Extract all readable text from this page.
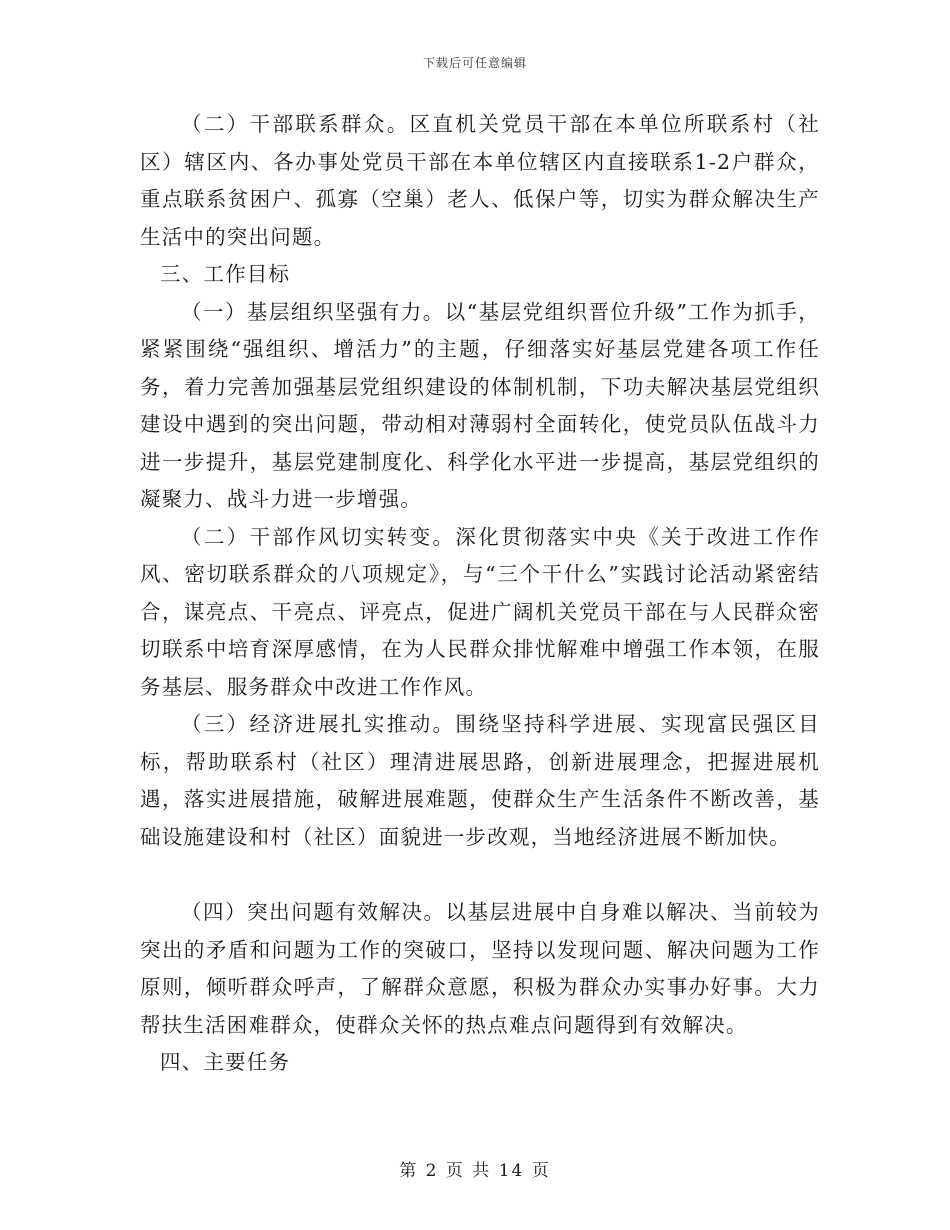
下载后可任意编辑

（二）干部联系群众。区直机关党员干部在本单位所联系村（社区）辖区内、各办事处党员干部在本单位辖区内直接联系1-2户群众，重点联系贫困户、孤寡（空巢）老人、低保户等，切实为群众解决生产生活中的突出问题。

三、工作目标

（一）基层组织坚强有力。以“基层党组织晋位升级”工作为抓手，紧紧围绕“强组织、增活力”的主题，仔细落实好基层党建各项工作任务，着力完善加强基层党组织建设的体制机制，下功夫解决基层党组织建设中遇到的突出问题，带动相对薄弱村全面转化，使党员队伍战斗力进一步提升，基层党建制度化、科学化水平进一步提高，基层党组织的凝聚力、战斗力进一步增强。

（二）干部作风切实转变。深化贯彻落实中央《关于改进工作作风、密切联系群众的八项规定》，与“三个干什么”实践讨论活动紧密结合，谋亮点、干亮点、评亮点，促进广阔机关党员干部在与人民群众密切联系中培育深厚感情，在为人民群众排忧解难中增强工作本领，在服务基层、服务群众中改进工作作风。

（三）经济进展扎实推动。围绕坚持科学进展、实现富民强区目标，帮助联系村（社区）理清进展思路，创新进展理念，把握进展机遇，落实进展措施，破解进展难题，使群众生产生活条件不断改善，基础设施建设和村（社区）面貌进一步改观，当地经济进展不断加快。

（四）突出问题有效解决。以基层进展中自身难以解决、当前较为突出的矛盾和问题为工作的突破口，坚持以发现问题、解决问题为工作原则，倾听群众呼声，了解群众意愿，积极为群众办实事办好事。大力帮扶生活困难群众，使群众关怀的热点难点问题得到有效解决。

四、主要任务

第 2 页 共 14 页
